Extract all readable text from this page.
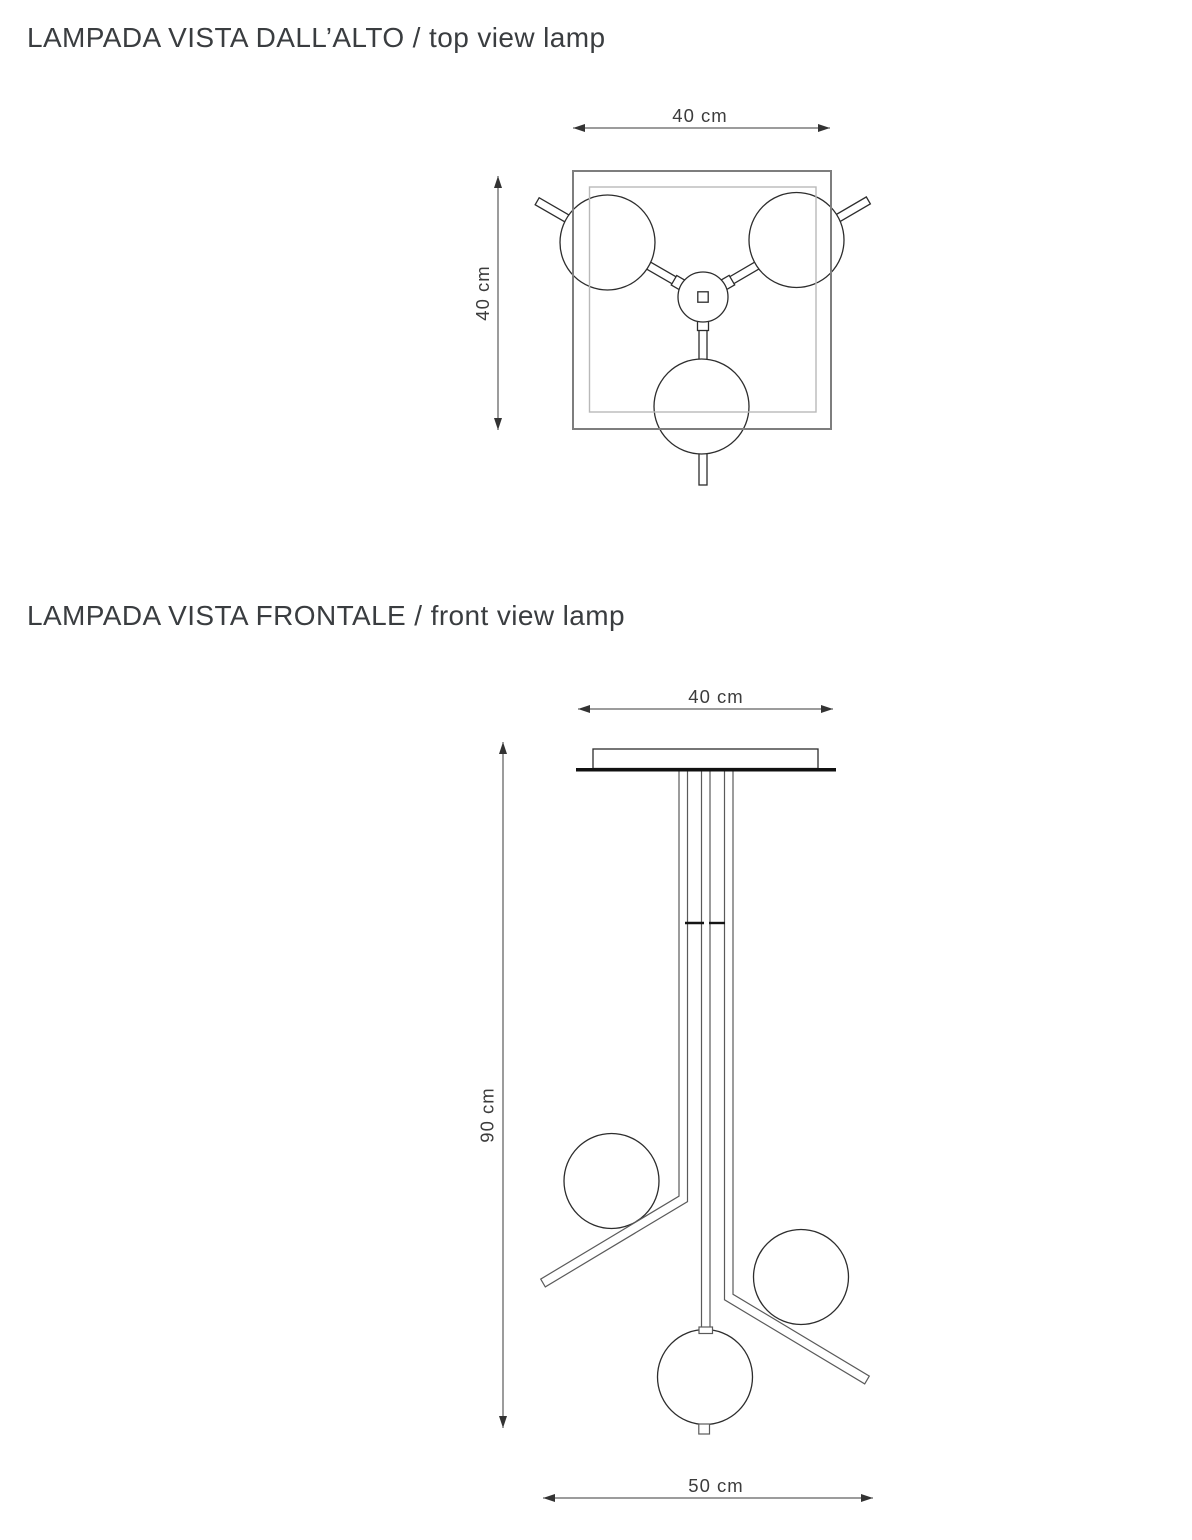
LAMPADA VISTA DALL’ALTO / top view lamp
LAMPADA VISTA FRONTALE / front view lamp
40 cm
40 cm
40 cm
90 cm
50 cm
